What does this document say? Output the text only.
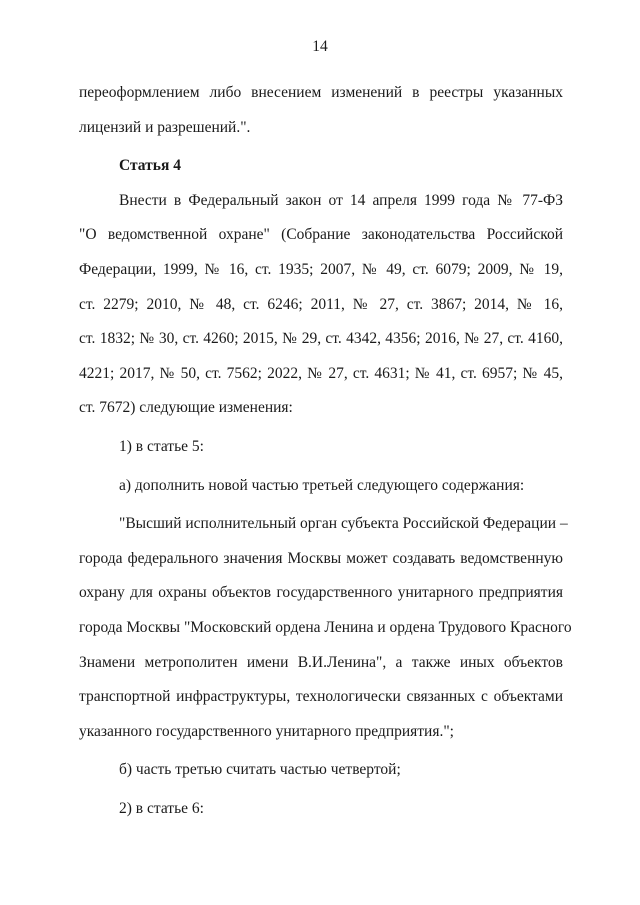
14
переоформлением либо внесением изменений в реестры указанных
лицензий и разрешений.".
Статья 4
Внести в Федеральный закон от 14 апреля 1999 года № 77-ФЗ
"О ведомственной охране" (Собрание законодательства Российской
Федерации, 1999, № 16, ст. 1935; 2007, № 49, ст. 6079; 2009, № 19,
ст. 2279; 2010, № 48, ст. 6246; 2011, № 27, ст. 3867; 2014, № 16,
ст. 1832; № 30, ст. 4260; 2015, № 29, ст. 4342, 4356; 2016, № 27, ст. 4160,
4221; 2017, № 50, ст. 7562; 2022, № 27, ст. 4631; № 41, ст. 6957; № 45,
ст. 7672) следующие изменения:
1) в статье 5:
а) дополнить новой частью третьей следующего содержания:
"Высший исполнительный орган субъекта Российской Федерации –
города федерального значения Москвы может создавать ведомственную
охрану для охраны объектов государственного унитарного предприятия
города Москвы "Московский ордена Ленина и ордена Трудового Красного
Знамени метрополитен имени В.И.Ленина", а также иных объектов
транспортной инфраструктуры, технологически связанных с объектами
указанного государственного унитарного предприятия.";
б) часть третью считать частью четвертой;
2) в статье 6:
